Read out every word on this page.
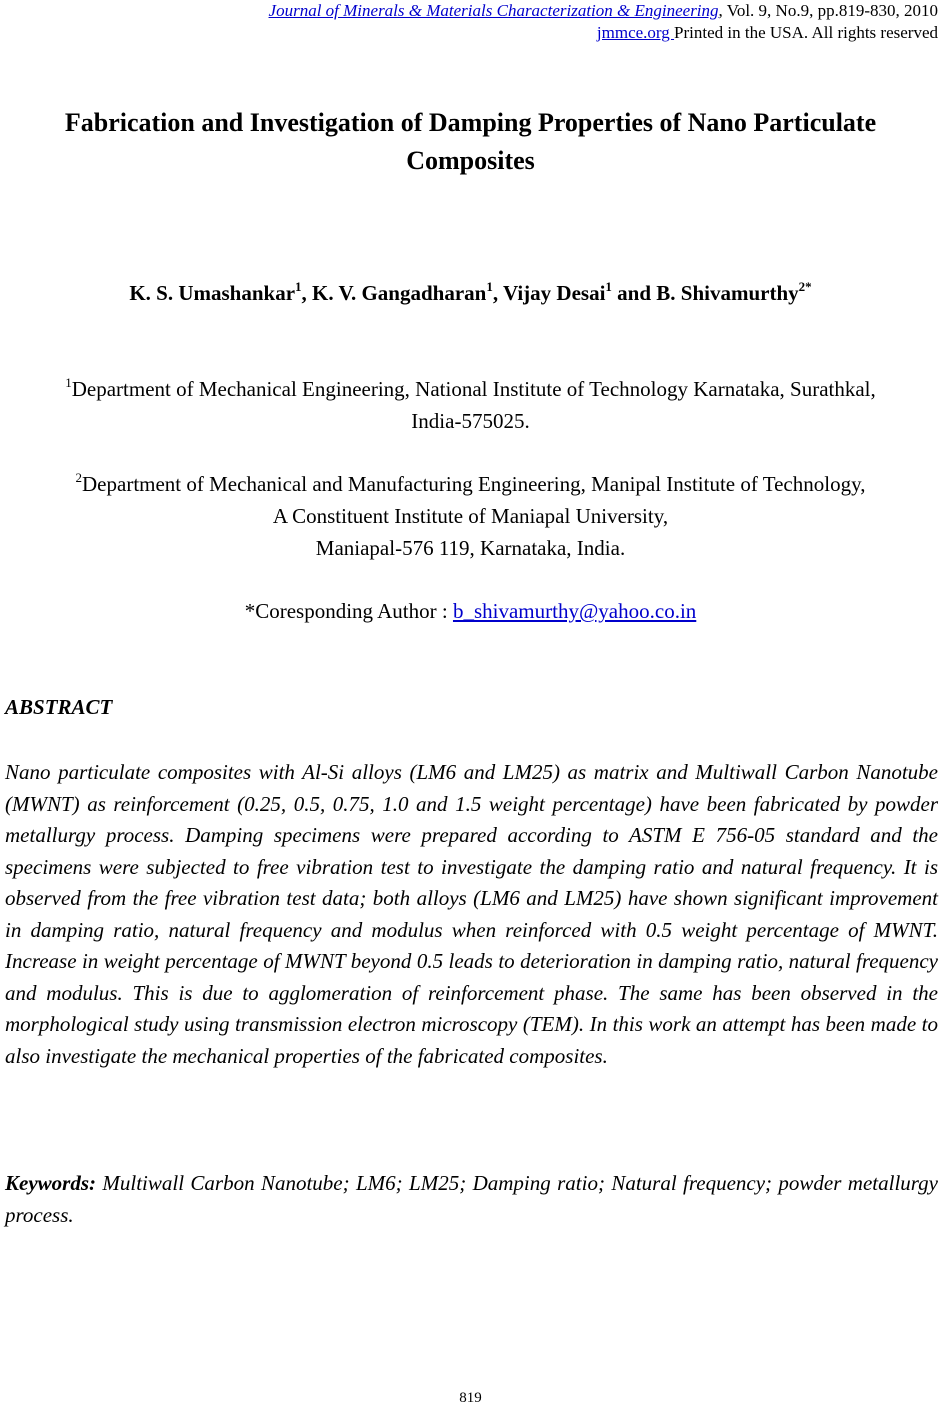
Journal of Minerals & Materials Characterization & Engineering, Vol. 9, No.9, pp.819-830, 2010
jmmce.org Printed in the USA. All rights reserved
Fabrication and Investigation of Damping Properties of Nano Particulate Composites
K. S. Umashankar$^1$, K. V. Gangadharan$^1$, Vijay Desai$^1$ and B. Shivamurthy$^{2*}$
$^1$Department of Mechanical Engineering, National Institute of Technology Karnataka, Surathkal,
India-575025.
$^2$Department of Mechanical and Manufacturing Engineering, Manipal Institute of Technology,
A Constituent Institute of Maniapal University,
Maniapal-576 119, Karnataka, India.
*Coresponding Author : b_shivamurthy@yahoo.co.in
ABSTRACT

Nano particulate composites with Al-Si alloys (LM6 and LM25) as matrix and Multiwall Carbon Nanotube (MWNT) as reinforcement (0.25, 0.5, 0.75, 1.0 and 1.5 weight percentage) have been fabricated by powder metallurgy process. Damping specimens were prepared according to ASTM E 756-05 standard and the specimens were subjected to free vibration test to investigate the damping ratio and natural frequency. It is observed from the free vibration test data; both alloys (LM6 and LM25) have shown significant improvement in damping ratio, natural frequency and modulus when reinforced with 0.5 weight percentage of MWNT. Increase in weight percentage of MWNT beyond 0.5 leads to deterioration in damping ratio, natural frequency and modulus. This is due to agglomeration of reinforcement phase. The same has been observed in the morphological study using transmission electron microscopy (TEM). In this work an attempt has been made to also investigate the mechanical properties of the fabricated composites.

Keywords: Multiwall Carbon Nanotube; LM6; LM25; Damping ratio; Natural frequency; powder metallurgy process.

819
